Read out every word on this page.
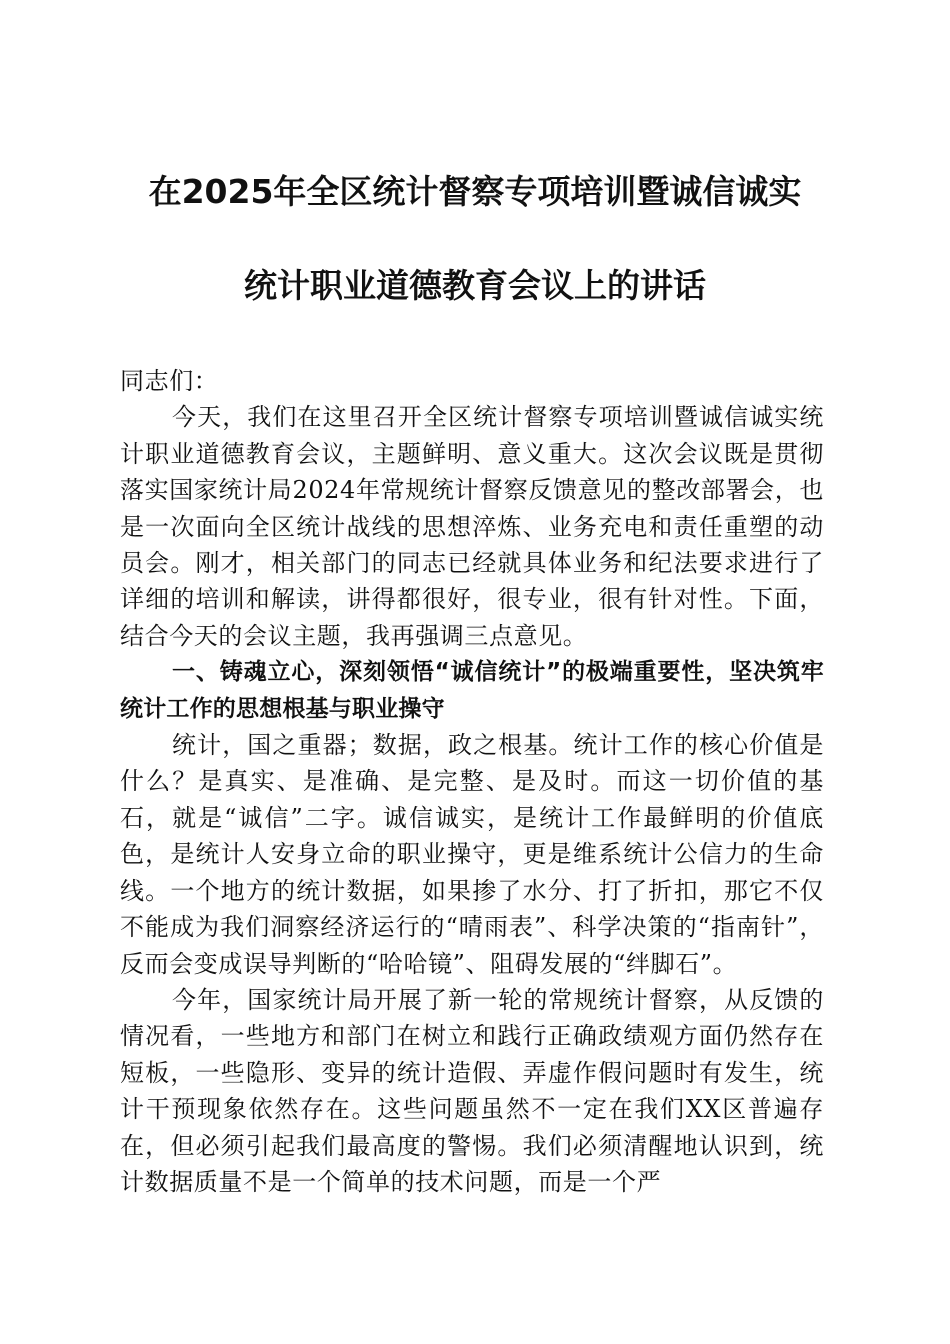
在2025年全区统计督察专项培训暨诚信诚实
统计职业道德教育会议上的讲话

同志们：

今天，我们在这里召开全区统计督察专项培训暨诚信诚实统计职业道德教育会议，主题鲜明、意义重大。这次会议既是贯彻落实国家统计局2024年常规统计督察反馈意见的整改部署会，也是一次面向全区统计战线的思想淬炼、业务充电和责任重塑的动员会。刚才，相关部门的同志已经就具体业务和纪法要求进行了详细的培训和解读，讲得都很好，很专业，很有针对性。下面，结合今天的会议主题，我再强调三点意见。

一、铸魂立心，深刻领悟“诚信统计”的极端重要性，坚决筑牢统计工作的思想根基与职业操守

统计，国之重器；数据，政之根基。统计工作的核心价值是什么？是真实、是准确、是完整、是及时。而这一切价值的基石，就是“诚信”二字。诚信诚实，是统计工作最鲜明的价值底色，是统计人安身立命的职业操守，更是维系统计公信力的生命线。一个地方的统计数据，如果掺了水分、打了折扣，那它不仅不能成为我们洞察经济运行的“晴雨表”、科学决策的“指南针”，反而会变成误导判断的“哈哈镜”、阻碍发展的“绊脚石”。

今年，国家统计局开展了新一轮的常规统计督察，从反馈的情况看，一些地方和部门在树立和践行正确政绩观方面仍然存在短板，一些隐形、变异的统计造假、弄虚作假问题时有发生，统计干预现象依然存在。这些问题虽然不一定在我们XX区普遍存在，但必须引起我们最高度的警惕。我们必须清醒地认识到，统计数据质量不是一个简单的技术问题，而是一个严
